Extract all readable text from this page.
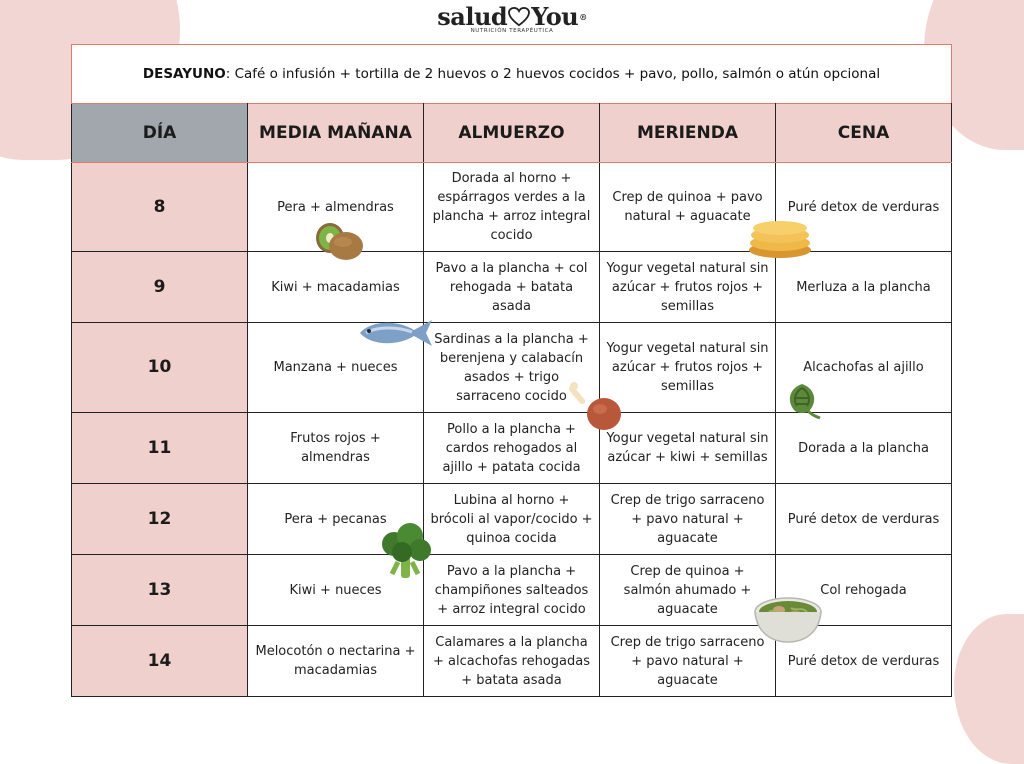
salud You ®
NUTRICIÓN TERAPÉUTICA
DESAYUNO: Café o infusión + tortilla de 2 huevos o 2 huevos cocidos + pavo, pollo, salmón o atún opcional
DÍA	MEDIA MAÑANA	ALMUERZO	MERIENDA	CENA
8	Pera + almendras	Dorada al horno + espárragos verdes a la plancha + arroz integral cocido	Crep de quinoa + pavo natural + aguacate	Puré detox de verduras
9	Kiwi + macadamias	Pavo a la plancha + col rehogada + batata asada	Yogur vegetal natural sin azúcar + frutos rojos + semillas	Merluza a la plancha
10	Manzana + nueces	Sardinas a la plancha + berenjena y calabacín asados + trigo sarraceno cocido	Yogur vegetal natural sin azúcar + frutos rojos + semillas	Alcachofas al ajillo
11	Frutos rojos + almendras	Pollo a la plancha + cardos rehogados al ajillo + patata cocida	Yogur vegetal natural sin azúcar + kiwi + semillas	Dorada a la plancha
12	Pera + pecanas	Lubina al horno + brócoli al vapor/cocido + quinoa cocida	Crep de trigo sarraceno + pavo natural + aguacate	Puré detox de verduras
13	Kiwi + nueces	Pavo a la plancha + champiñones salteados + arroz integral cocido	Crep de quinoa + salmón ahumado + aguacate	Col rehogada
14	Melocotón o nectarina + macadamias	Calamares a la plancha + alcachofas rehogadas + batata asada	Crep de trigo sarraceno + pavo natural + aguacate	Puré detox de verduras
